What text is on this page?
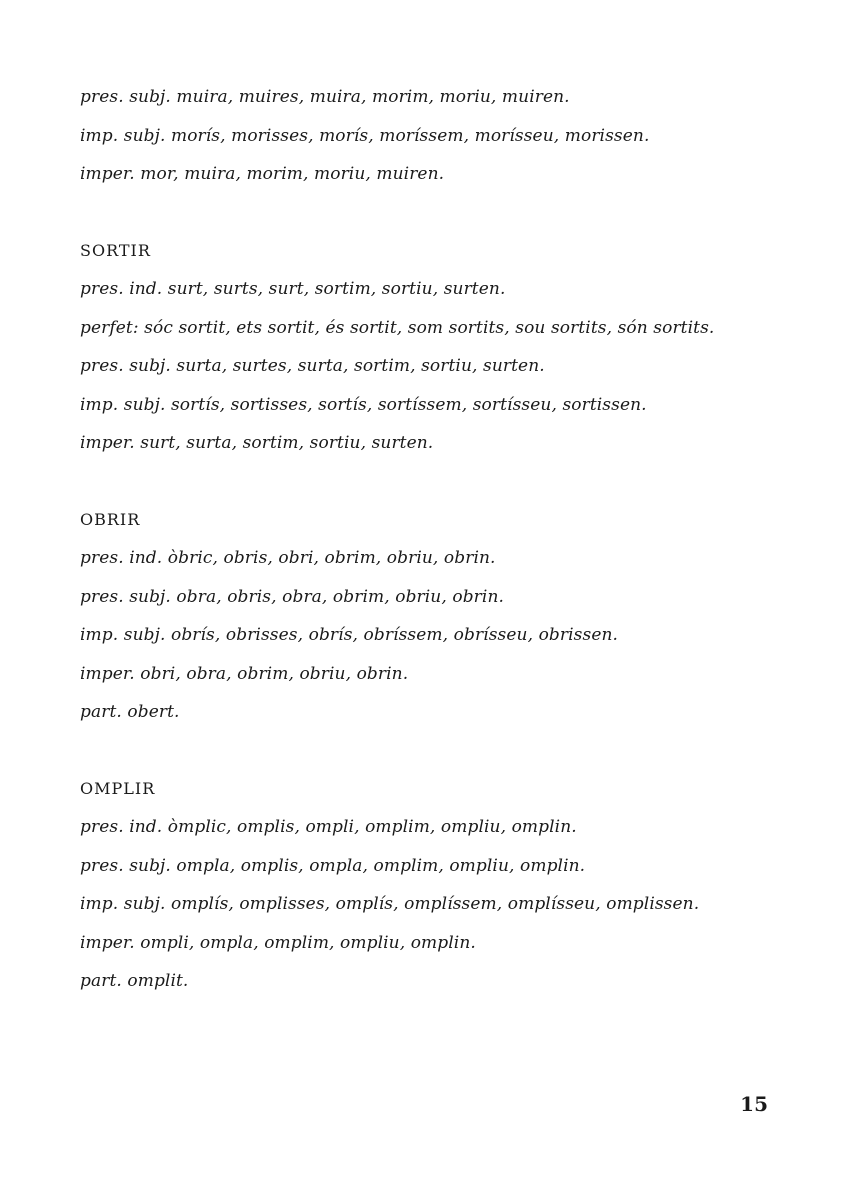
pres. subj. muira, muires, muira, morim, moriu, muiren.
imp. subj. morís, morisses, morís, moríssem, morísseu, morissen.
imper. mor, muira, morim, moriu, muiren.
SORTIR
pres. ind. surt, surts, surt, sortim, sortiu, surten.
perfet: sóc sortit, ets sortit, és sortit, som sortits, sou sortits, són sortits.
pres. subj. surta, surtes, surta, sortim, sortiu, surten.
imp. subj. sortís, sortisses, sortís, sortíssem, sortísseu, sortissen.
imper. surt, surta, sortim, sortiu, surten.
OBRIR
pres. ind. òbric, obris, obri, obrim, obriu, obrin.
pres. subj. obra, obris, obra, obrim, obriu, obrin.
imp. subj. obrís, obrisses, obrís, obríssem, obrísseu, obrissen.
imper. obri, obra, obrim, obriu, obrin.
part. obert.
OMPLIR
pres. ind. òmplic, omplis, ompli, omplim, ompliu, omplin.
pres. subj. ompla, omplis, ompla, omplim, ompliu, omplin.
imp. subj. omplís, omplisses, omplís, omplíssem, omplísseu, omplissen.
imper. ompli, ompla, omplim, ompliu, omplin.
part. omplit.
15
